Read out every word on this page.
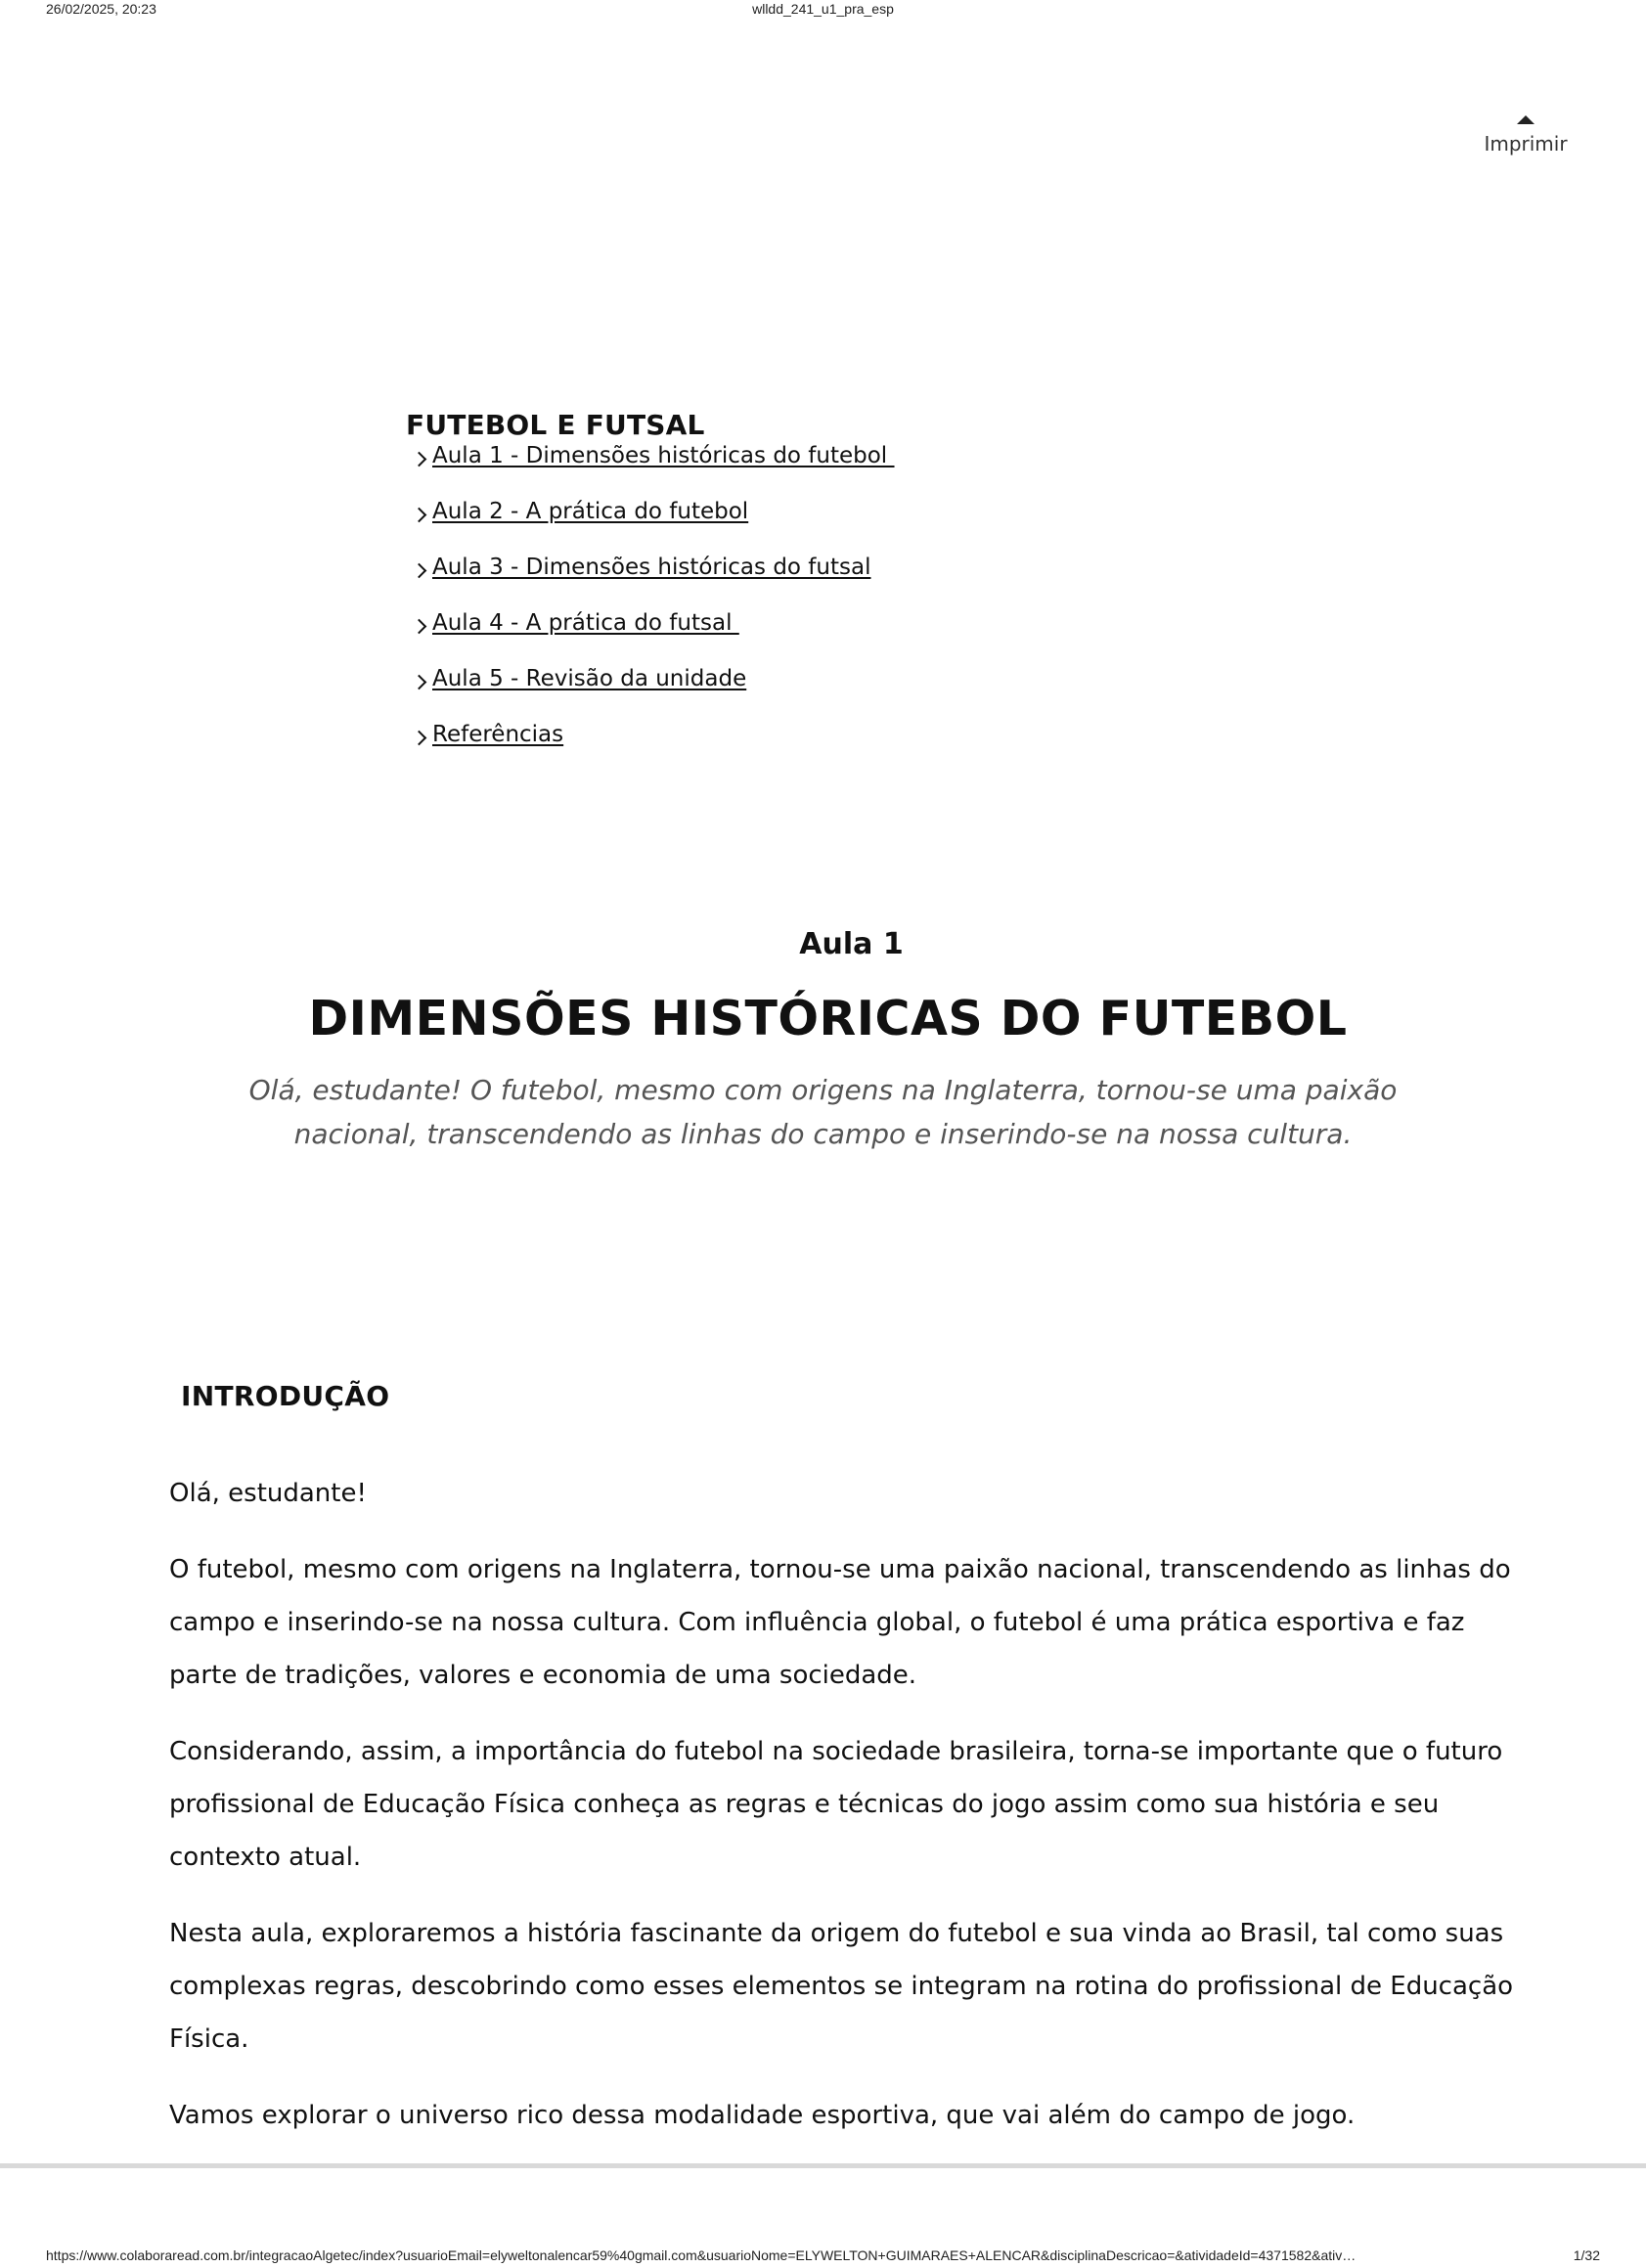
26/02/2025, 20:23	wlldd_241_u1_pra_esp
Imprimir
FUTEBOL E FUTSAL
Aula 1 - Dimensões históricas do futebol
Aula 2 - A prática do futebol
Aula 3 - Dimensões históricas do futsal
Aula 4 - A prática do futsal
Aula 5 - Revisão da unidade
Referências
Aula 1
DIMENSÕES HISTÓRICAS DO FUTEBOL
Olá, estudante! O futebol, mesmo com origens na Inglaterra, tornou-se uma paixão nacional, transcendendo as linhas do campo e inserindo-se na nossa cultura.
INTRODUÇÃO

Olá, estudante!

O futebol, mesmo com origens na Inglaterra, tornou-se uma paixão nacional, transcendendo as linhas do campo e inserindo-se na nossa cultura. Com influência global, o futebol é uma prática esportiva e faz parte de tradições, valores e economia de uma sociedade.

Considerando, assim, a importância do futebol na sociedade brasileira, torna-se importante que o futuro profissional de Educação Física conheça as regras e técnicas do jogo assim como sua história e seu contexto atual.

Nesta aula, exploraremos a história fascinante da origem do futebol e sua vinda ao Brasil, tal como suas complexas regras, descobrindo como esses elementos se integram na rotina do profissional de Educação Física.

Vamos explorar o universo rico dessa modalidade esportiva, que vai além do campo de jogo.

https://www.colaboraread.com.br/integracaoAlgetec/index?usuarioEmail=elyweltonalencar59%40gmail.com&usuarioNome=ELYWELTON+GUIMARAES+ALENCAR&disciplinaDescricao=&atividadeId=4371582&ativ…	1/32
